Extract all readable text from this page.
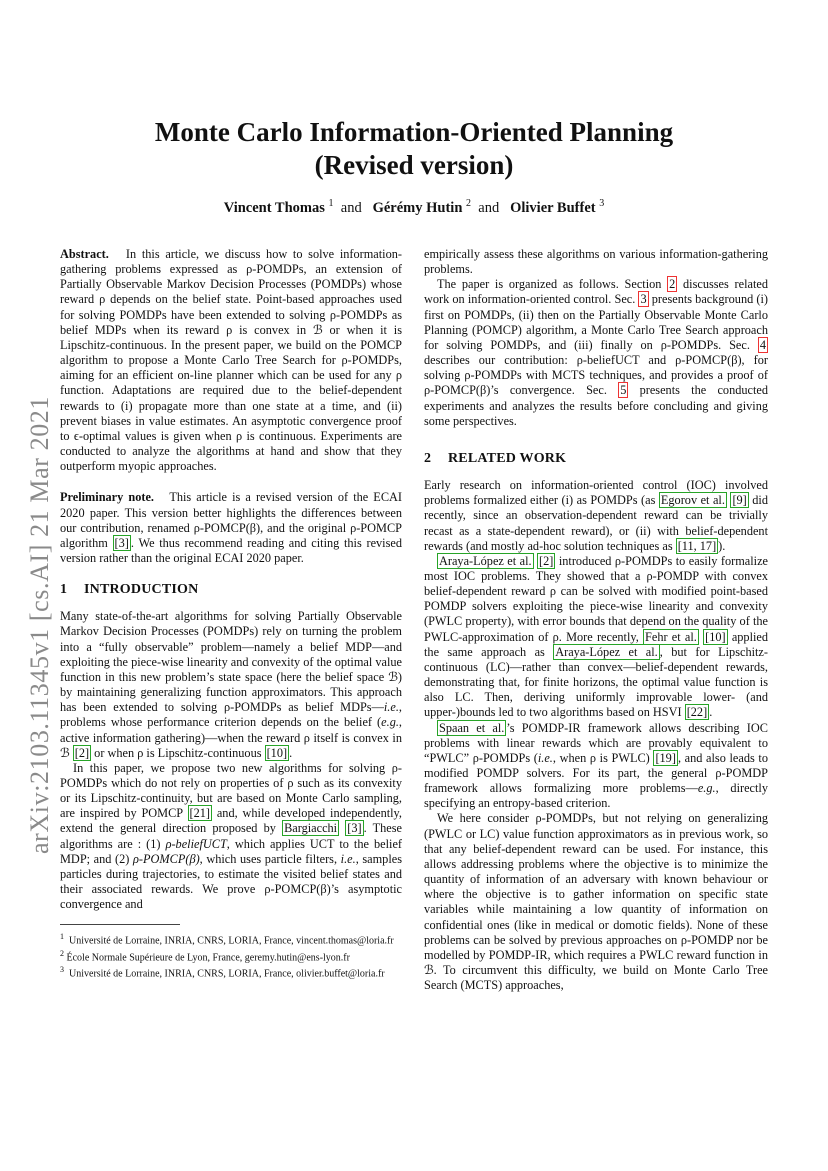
arXiv:2103.11345v1 [cs.AI] 21 Mar 2021
Monte Carlo Information-Oriented Planning
(Revised version)
Vincent Thomas $^1$ and Gérémy Hutin $^2$ and Olivier Buffet $^3$

Abstract. In this article, we discuss how to solve information-gathering problems expressed as ρ-POMDPs, an extension of Partially Observable Markov Decision Processes (POMDPs) whose reward ρ depends on the belief state. Point-based approaches used for solving POMDPs have been extended to solving ρ-POMDPs as belief MDPs when its reward ρ is convex in ℬ or when it is Lipschitz-continuous. In the present paper, we build on the POMCP algorithm to propose a Monte Carlo Tree Search for ρ-POMDPs, aiming for an efficient on-line planner which can be used for any ρ function. Adaptations are required due to the belief-dependent rewards to (i) propagate more than one state at a time, and (ii) prevent biases in value estimates. An asymptotic convergence proof to ϵ-optimal values is given when ρ is continuous. Experiments are conducted to analyze the algorithms at hand and show that they outperform myopic approaches.

Preliminary note. This article is a revised version of the ECAI 2020 paper. This version better highlights the differences between our contribution, renamed ρ-POMCP(β), and the original ρ-POMCP algorithm [3] . We thus recommend reading and citing this revised version rather than the original ECAI 2020 paper.

1 INTRODUCTION

Many state-of-the-art algorithms for solving Partially Observable Markov Decision Processes (POMDPs) rely on turning the problem into a “fully observable” problem—namely a belief MDP—and exploiting the piece-wise linearity and convexity of the optimal value function in this new problem’s state space (here the belief space ℬ) by maintaining generalizing function approximators. This approach has been extended to solving ρ-POMDPs as belief MDPs—i.e., problems whose performance criterion depends on the belief (e.g., active information gathering)—when the reward ρ itself is convex in ℬ [2] or when ρ is Lipschitz-continuous [10] .

In this paper, we propose two new algorithms for solving ρ-POMDPs which do not rely on properties of ρ such as its convexity or its Lipschitz-continuity, but are based on Monte Carlo sampling, are inspired by POMCP [21] and, while developed independently, extend the general direction proposed by Bargiacchi [3] . These algorithms are : (1) ρ-beliefUCT, which applies UCT to the belief MDP; and (2) ρ-POMCP(β), which uses particle filters, i.e., samples particles during trajectories, to estimate the visited belief states and their associated rewards. We prove ρ-POMCP(β)’s asymptotic convergence and

$^1$ Université de Lorraine, INRIA, CNRS, LORIA, France, vincent.thomas@loria.fr

$^2$ École Normale Supérieure de Lyon, France, geremy.hutin@ens-lyon.fr

$^3$ Université de Lorraine, INRIA, CNRS, LORIA, France, olivier.buffet@loria.fr

empirically assess these algorithms on various information-gathering problems.

The paper is organized as follows. Section 2 discusses related work on information-oriented control. Sec. 3 presents background (i) first on POMDPs, (ii) then on the Partially Observable Monte Carlo Planning (POMCP) algorithm, a Monte Carlo Tree Search approach for solving POMDPs, and (iii) finally on ρ-POMDPs. Sec. 4 describes our contribution: ρ-beliefUCT and ρ-POMCP(β), for solving ρ-POMDPs with MCTS techniques, and provides a proof of ρ-POMCP(β)’s convergence. Sec. 5 presents the conducted experiments and analyzes the results before concluding and giving some perspectives.

2 RELATED WORK

Early research on information-oriented control (IOC) involved problems formalized either (i) as POMDPs (as Egorov et al. [9] did recently, since an observation-dependent reward can be trivially recast as a state-dependent reward), or (ii) with belief-dependent rewards (and mostly ad-hoc solution techniques as [11, 17] ).

Araya-López et al. [2] introduced ρ-POMDPs to easily formalize most IOC problems. They showed that a ρ-POMDP with convex belief-dependent reward ρ can be solved with modified point-based POMDP solvers exploiting the piece-wise linearity and convexity (PWLC property), with error bounds that depend on the quality of the PWLC-approximation of ρ. More recently, Fehr et al. [10] applied the same approach as Araya-López et al. , but for Lipschitz-continuous (LC)—rather than convex—belief-dependent rewards, demonstrating that, for finite horizons, the optimal value function is also LC. Then, deriving uniformly improvable lower- (and upper-)bounds led to two algorithms based on HSVI [22] .

Spaan et al. ’s POMDP-IR framework allows describing IOC problems with linear rewards which are provably equivalent to “PWLC” ρ-POMDPs (i.e., when ρ is PWLC) [19] , and also leads to modified POMDP solvers. For its part, the general ρ-POMDP framework allows formalizing more problems—e.g., directly specifying an entropy-based criterion.

We here consider ρ-POMDPs, but not relying on generalizing (PWLC or LC) value function approximators as in previous work, so that any belief-dependent reward can be used. For instance, this allows addressing problems where the objective is to minimize the quantity of information of an adversary with known behaviour or where the objective is to gather information on specific state variables while maintaining a low quantity of information on confidential ones (like in medical or domotic fields). None of these problems can be solved by previous approaches on ρ-POMDP nor be modelled by POMDP-IR, which requires a PWLC reward function in ℬ. To circumvent this difficulty, we build on Monte Carlo Tree Search (MCTS) approaches,
